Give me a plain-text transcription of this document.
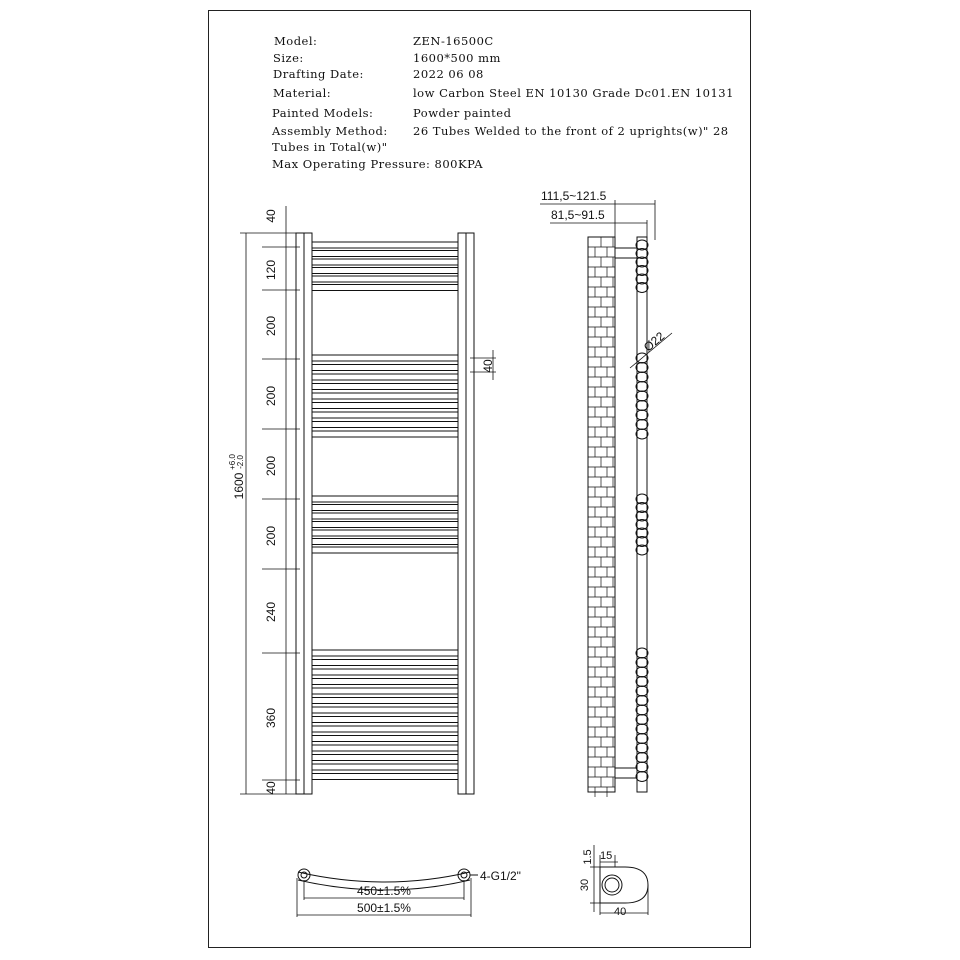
Model:	ZEN-16500C
Size:	1600*500 mm
Drafting Date:	2022 06 08
Material:	low Carbon Steel EN 10130 Grade Dc01.EN 10131
Painted Models:	Powder painted
Assembly Method: 26 Tubes Welded to the front of 2 uprights(w)" 28
Tubes in Total(w)"
Max Operating Pressure: 800KPA
40
120
200
200
200
200
240
360
40
1600
+6.0 -2.0
40
111,5~121.5
81,5~91.5
Ø22
450±1.5%
500±1.5%
4-G1/2"
1.5 15
30
40
